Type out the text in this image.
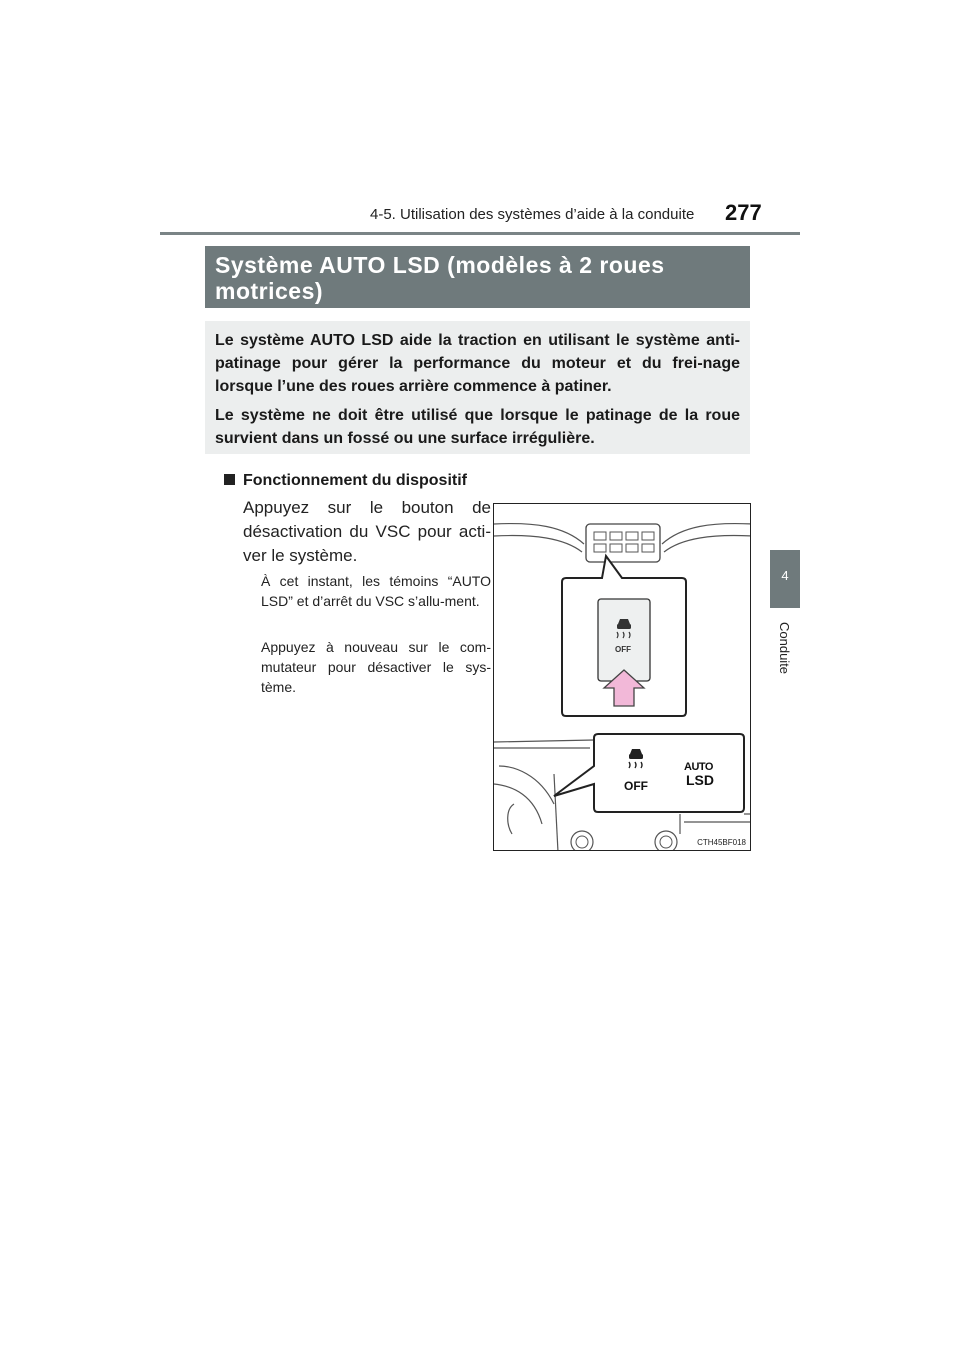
4-5. Utilisation des systèmes d’aide à la conduite 277
4
Conduite
Système AUTO LSD (modèles à 2 roues motrices)

Le système AUTO LSD aide la traction en utilisant le système anti-patinage pour gérer la performance du moteur et du frei-nage lorsque l’une des roues arrière commence à patiner.

Le système ne doit être utilisé que lorsque le patinage de la roue survient dans un fossé ou une surface irrégulière.

Fonctionnement du dispositif

Appuyez sur le bouton de désactivation du VSC pour acti-ver le système.

À cet instant, les témoins “AUTO LSD” et d’arrêt du VSC s’allu-ment.

Appuyez à nouveau sur le com-mutateur pour désactiver le sys-tème.

OFF
OFF
AUTO
LSD
CTH45BF018
